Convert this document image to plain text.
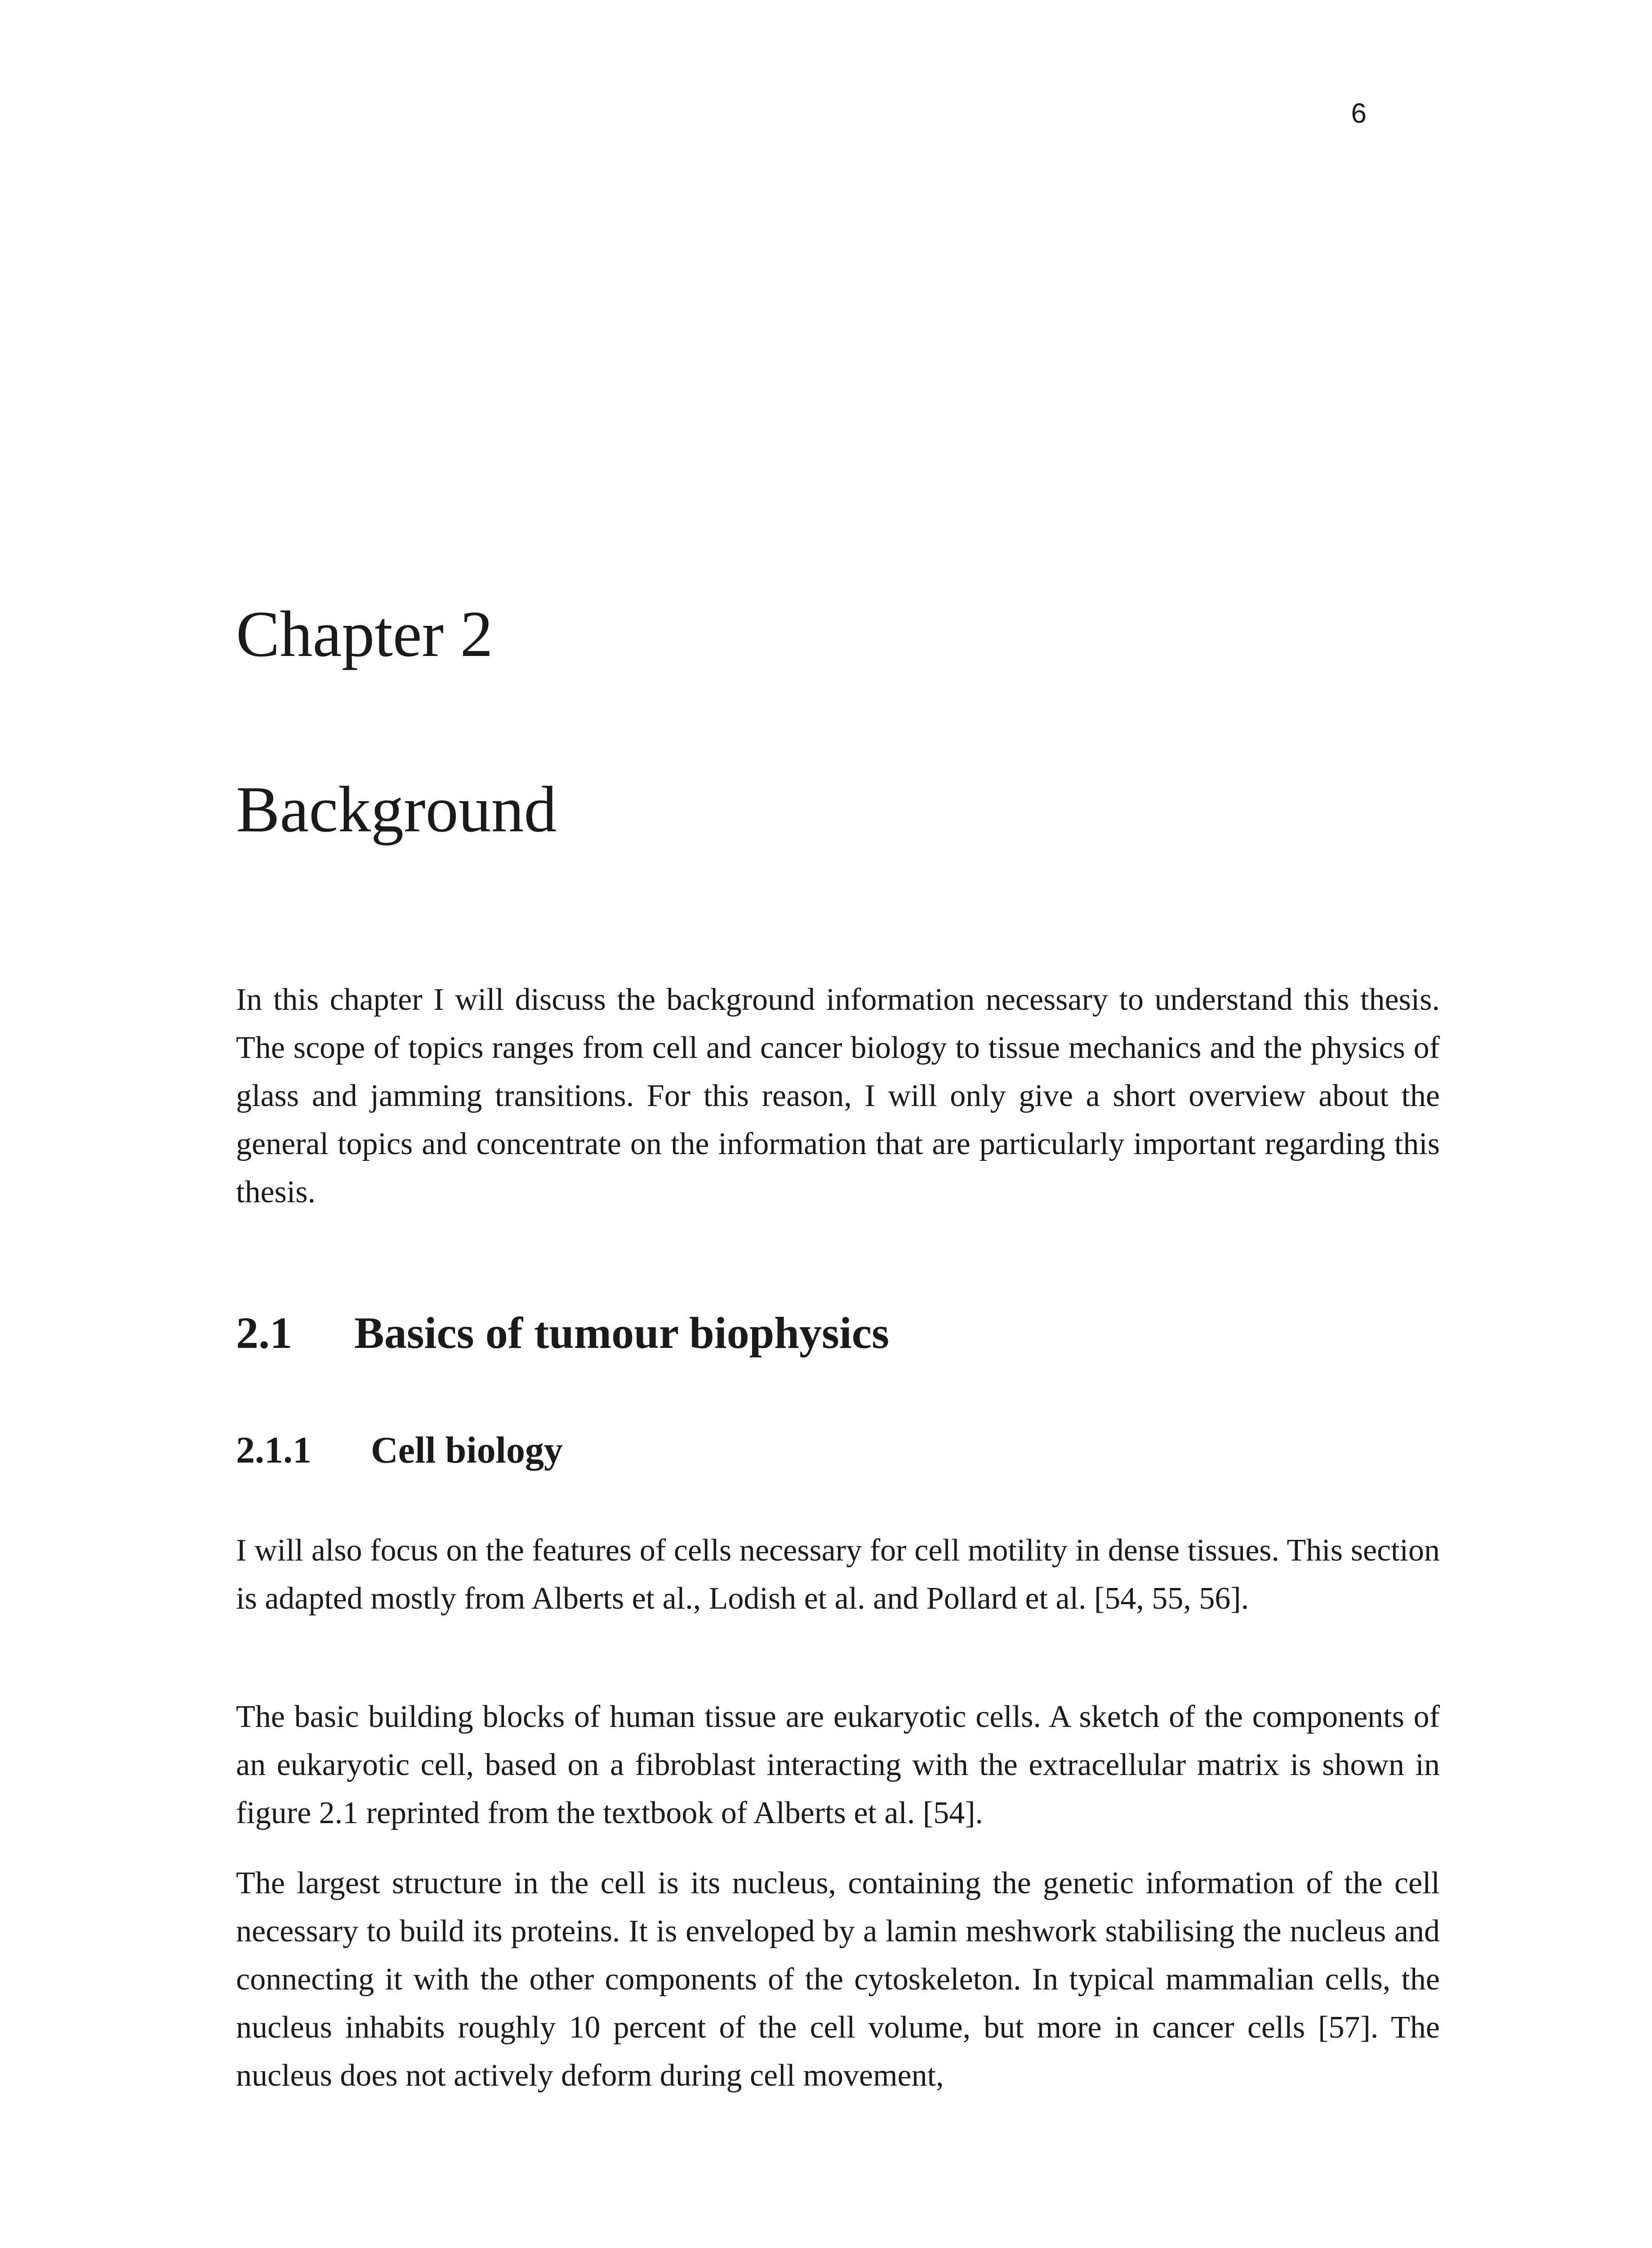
6
Chapter 2
Background

In this chapter I will discuss the background information necessary to understand this thesis. The scope of topics ranges from cell and cancer biology to tissue mechanics and the physics of glass and jamming transitions. For this reason, I will only give a short overview about the general topics and concentrate on the information that are particularly important regarding this thesis.

2.1 Basics of tumour biophysics
2.1.1 Cell biology

I will also focus on the features of cells necessary for cell motility in dense tissues. This section is adapted mostly from Alberts et al., Lodish et al. and Pollard et al. [54, 55, 56].

The basic building blocks of human tissue are eukaryotic cells. A sketch of the components of an eukaryotic cell, based on a fibroblast interacting with the extracellular matrix is shown in figure 2.1 reprinted from the textbook of Alberts et al. [54].

The largest structure in the cell is its nucleus, containing the genetic information of the cell necessary to build its proteins. It is enveloped by a lamin meshwork stabilising the nucleus and connecting it with the other components of the cytoskeleton. In typical mammalian cells, the nucleus inhabits roughly 10 percent of the cell volume, but more in cancer cells [57]. The nucleus does not actively deform during cell movement,
